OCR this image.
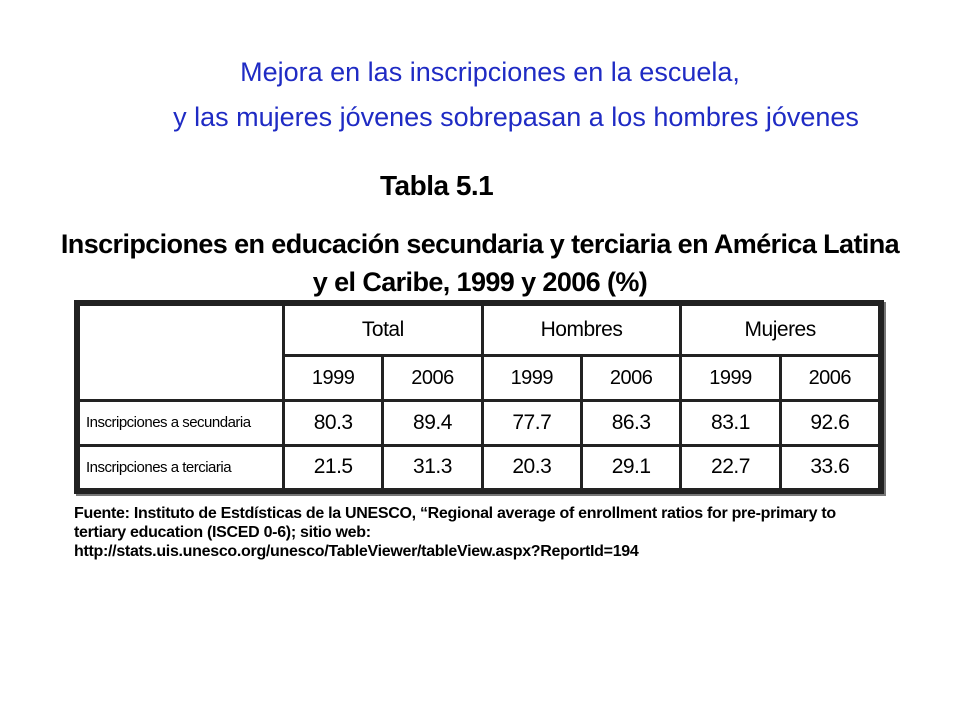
Mejora en las inscripciones en la escuela,
y las mujeres jóvenes sobrepasan a los hombres jóvenes
Tabla 5.1
Inscripciones en educación secundaria y terciaria en América Latina
y el Caribe, 1999 y 2006 (%)
	Total		Hombres		Mujeres	
	1999	2006	1999	2006	1999	2006
Inscripciones a secundaria	80.3	89.4	77.7	86.3	83.1	92.6
Inscripciones a terciaria	21.5	31.3	20.3	29.1	22.7	33.6
Fuente: Instituto de Estdísticas de la UNESCO, “Regional average of enrollment ratios for pre-primary to
tertiary education (ISCED 0-6); sitio web:
http://stats.uis.unesco.org/unesco/TableViewer/tableView.aspx?ReportId=194
